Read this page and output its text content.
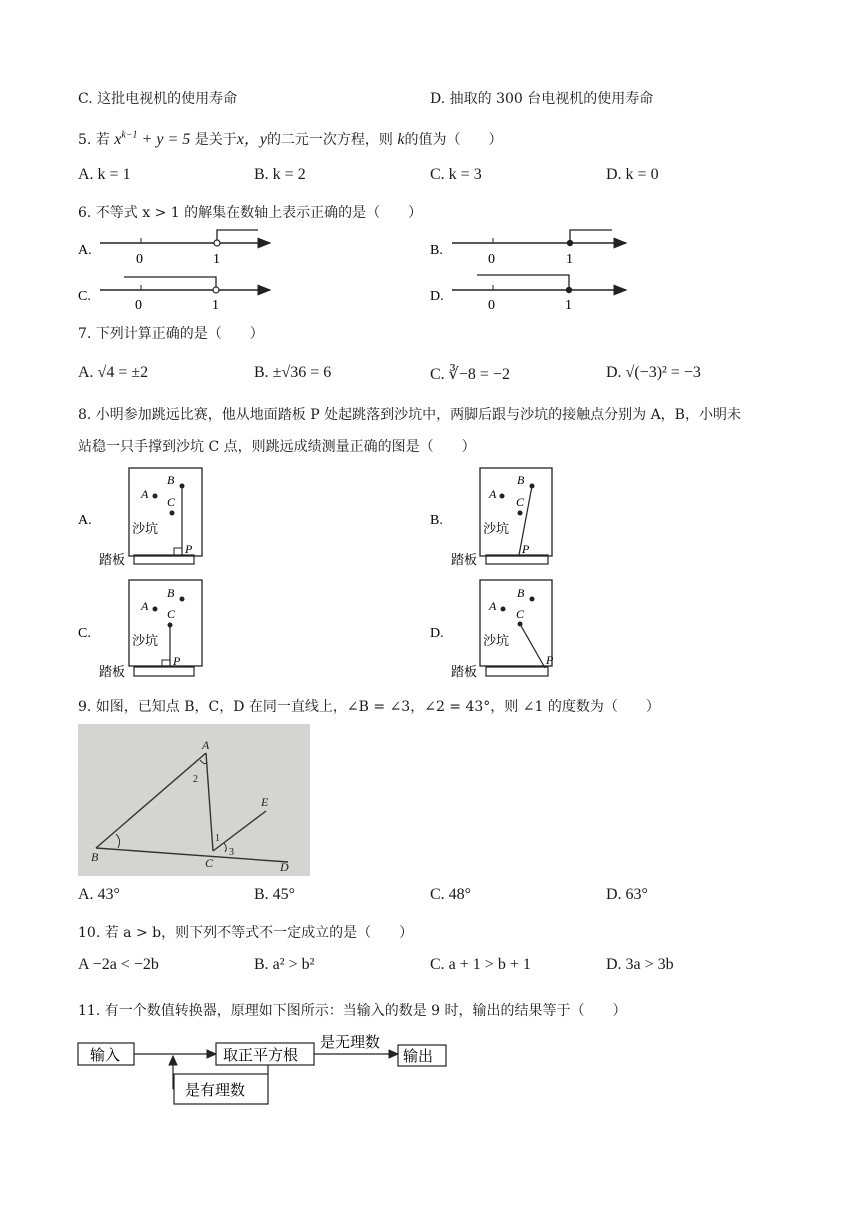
C. 这批电视机的使用寿命	D. 抽取的 300 台电视机的使用寿命
5. 若 $x^{k-1} + y = 5$ 是关于x，y的二元一次方程，则 k的值为（　　）
A. k = 1	B. k = 2	C. k = 3	D. k = 0
6. 不等式 x > 1 的解集在数轴上表示正确的是（　　）
A.
0	1
B.
0	1
C.
0	1
D.
0	1
7. 下列计算正确的是（　　）
A. √4 = ±2	B. ±√36 = 6	C. ∛−8 = −2	D. √(−3)² = −3
8. 小明参加跳远比赛，他从地面踏板 P 处起跳落到沙坑中，两脚后跟与沙坑的接触点分别为 A，B，小明未
站稳一只手撑到沙坑 C 点，则跳远成绩测量正确的图是（　　）
A.
A
B
C
沙坑
P
踏板
B.
A
B
C
沙坑
P
踏板
C.
A
B
C
沙坑
P
踏板
D.
A
B
C
沙坑
P
踏板
9. 如图，已知点 B，C，D 在同一直线上，∠B = ∠3，∠2 = 43°，则 ∠1 的度数为（　　）
A
B	C	D
E
1
2
3
A. 43°	B. 45°	C. 48°	D. 63°
10. 若 a > b，则下列不等式不一定成立的是（　　）
A −2a < −2b	B. a² > b²	C. a + 1 > b + 1	D. 3a > 3b
11. 有一个数值转换器，原理如下图所示：当输入的数是 9 时，输出的结果等于（　　）
输入	取正平方根
是无理数
输出
是有理数
